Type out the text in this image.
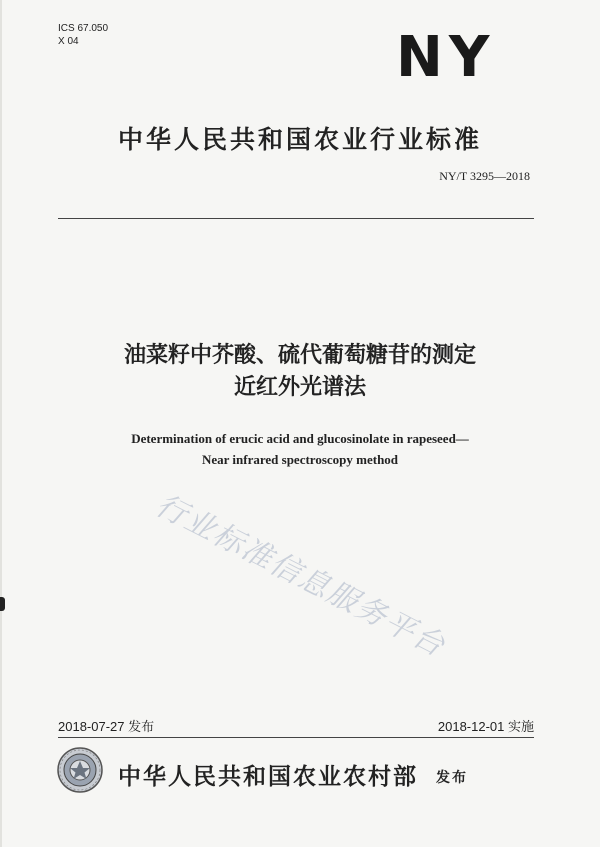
ICS 67.050
X 04	NY
中华人民共和国农业行业标准
NY/T 3295—2018
油菜籽中芥酸、硫代葡萄糖苷的测定
近红外光谱法
Determination of erucic acid and glucosinolate in rapeseed—
Near infrared spectroscopy method
行业标准信息服务平台
2018-07-27 发布	2018-12-01 实施
中华人民共和国农业农村部 发布
